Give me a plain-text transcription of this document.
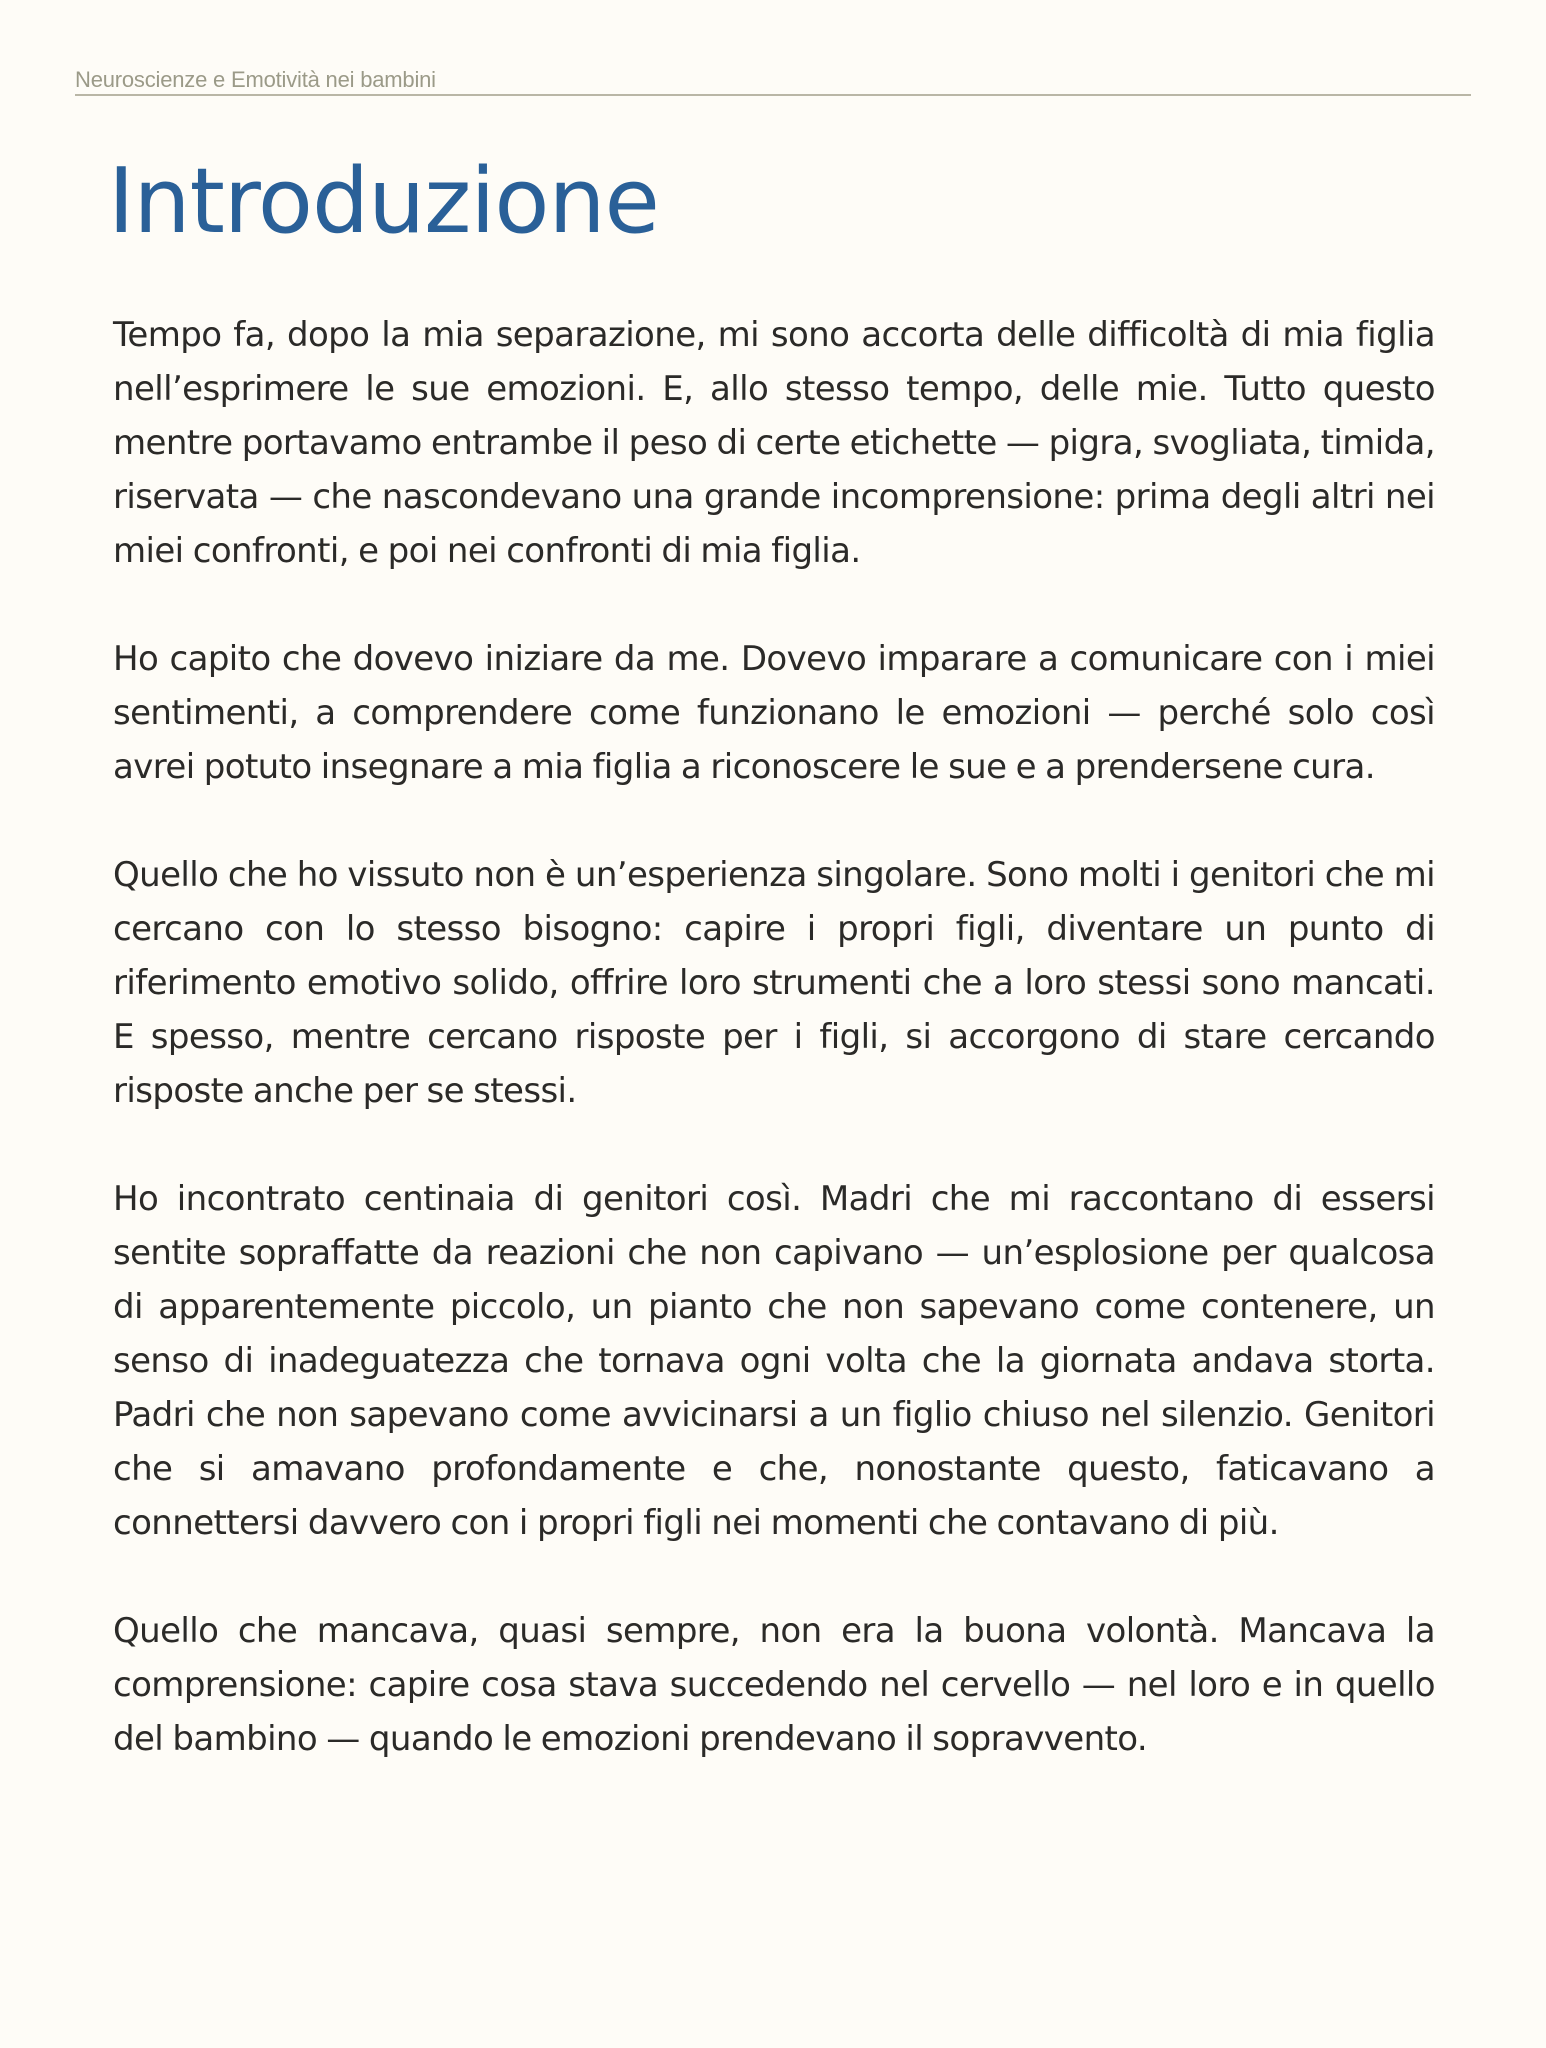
Neuroscienze e Emotività nei bambini
Introduzione

Tempo fa, dopo la mia separazione, mi sono accorta delle difficoltà di mia figlia nell’esprimere le sue emozioni. E, allo stesso tempo, delle mie. Tutto questo mentre portavamo entrambe il peso di certe etichette — pigra, svogliata, timida, riservata — che nascondevano una grande incomprensione: prima degli altri nei miei confronti, e poi nei confronti di mia figlia.

Ho capito che dovevo iniziare da me. Dovevo imparare a comunicare con i miei sentimenti, a comprendere come funzionano le emozioni — perché solo così avrei potuto insegnare a mia figlia a riconoscere le sue e a prendersene cura.

Quello che ho vissuto non è un’esperienza singolare. Sono molti i genitori che mi cercano con lo stesso bisogno: capire i propri figli, diventare un punto di riferimento emotivo solido, offrire loro strumenti che a loro stessi sono mancati. E spesso, mentre cercano risposte per i figli, si accorgono di stare cercando risposte anche per se stessi.

Ho incontrato centinaia di genitori così. Madri che mi raccontano di essersi sentite sopraffatte da reazioni che non capivano — un’esplosione per qualcosa di apparentemente piccolo, un pianto che non sapevano come contenere, un senso di inadeguatezza che tornava ogni volta che la giornata andava storta. Padri che non sapevano come avvicinarsi a un figlio chiuso nel silenzio. Genitori che si amavano profondamente e che, nonostante questo, faticavano a connettersi davvero con i propri figli nei momenti che contavano di più.

Quello che mancava, quasi sempre, non era la buona volontà. Mancava la comprensione: capire cosa stava succedendo nel cervello — nel loro e in quello del bambino — quando le emozioni prendevano il sopravvento.
